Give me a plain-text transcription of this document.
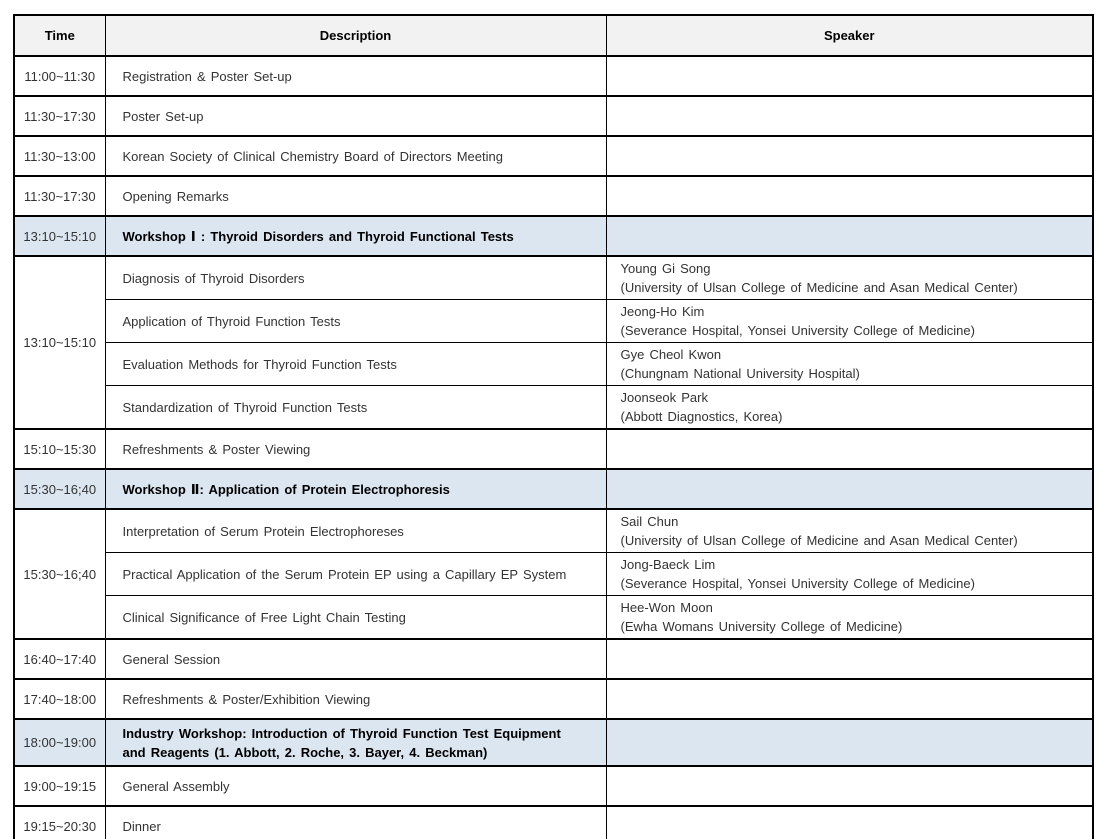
Time	Description	Speaker
11:00~11:30	Registration & Poster Set-up	
11:30~17:30	Poster Set-up	
11:30~13:00	Korean Society of Clinical Chemistry Board of Directors Meeting	
11:30~17:30	Opening Remarks	
13:10~15:10	Workshop Ⅰ : Thyroid Disorders and Thyroid Functional Tests	
13:10~15:10	Diagnosis of Thyroid Disorders	Young Gi Song
(University of Ulsan College of Medicine and Asan Medical Center)

	Application of Thyroid Function Tests	Jeong-Ho Kim
(Severance Hospital, Yonsei University College of Medicine)

	Evaluation Methods for Thyroid Function Tests	Gye Cheol Kwon
(Chungnam National University Hospital)

	Standardization of Thyroid Function Tests	Joonseok Park
(Abbott Diagnostics, Korea)

15:10~15:30	Refreshments & Poster Viewing	
15:30~16;40	Workshop Ⅱ: Application of Protein Electrophoresis	
15:30~16;40	Interpretation of Serum Protein Electrophoreses	Sail Chun
(University of Ulsan College of Medicine and Asan Medical Center)

	Practical Application of the Serum Protein EP using a Capillary EP System	Jong-Baeck Lim
(Severance Hospital, Yonsei University College of Medicine)

	Clinical Significance of Free Light Chain Testing	Hee-Won Moon
(Ewha Womans University College of Medicine)

16:40~17:40	General Session	
17:40~18:00	Refreshments & Poster/Exhibition Viewing	
18:00~19:00	Industry Workshop: Introduction of Thyroid Function Test Equipment and Reagents (1. Abbott, 2. Roche, 3. Bayer, 4. Beckman)	
19:00~19:15	General Assembly	
19:15~20:30	Dinner	
